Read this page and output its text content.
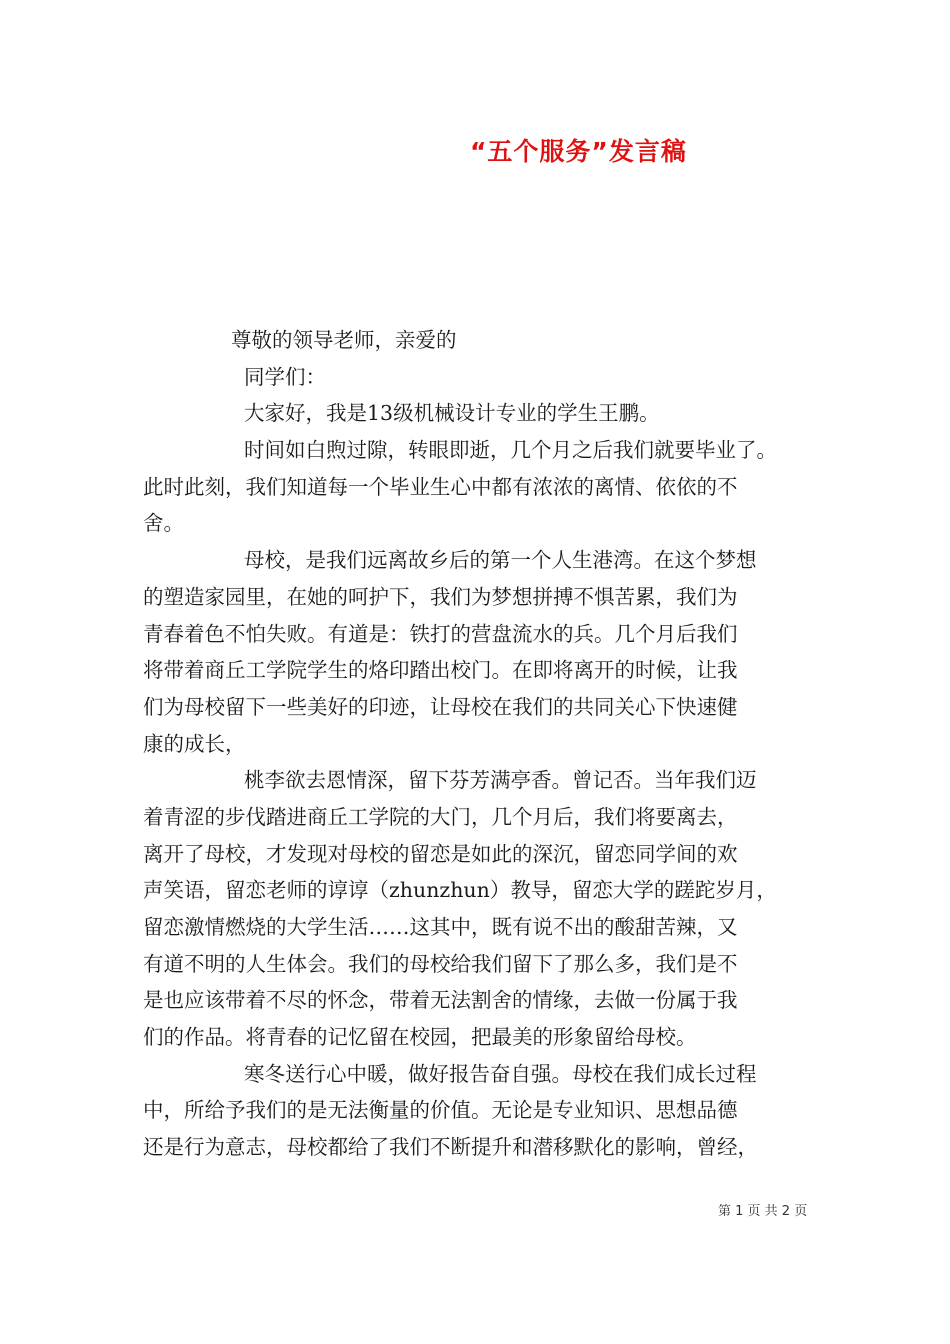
“五个服务”发言稿
尊敬的领导老师，亲爱的
同学们：
大家好，我是13级机械设计专业的学生王鹏。
时间如白煦过隙，转眼即逝，几个月之后我们就要毕业了。
此时此刻，我们知道每一个毕业生心中都有浓浓的离情、依依的不
舍。
母校，是我们远离故乡后的第一个人生港湾。在这个梦想
的塑造家园里，在她的呵护下，我们为梦想拼搏不惧苦累，我们为
青春着色不怕失败。有道是：铁打的营盘流水的兵。几个月后我们
将带着商丘工学院学生的烙印踏出校门。在即将离开的时候，让我
们为母校留下一些美好的印迹，让母校在我们的共同关心下快速健
康的成长，
桃李欲去恩情深，留下芬芳满亭香。曾记否。当年我们迈
着青涩的步伐踏进商丘工学院的大门，几个月后，我们将要离去，
离开了母校，才发现对母校的留恋是如此的深沉，留恋同学间的欢
声笑语，留恋老师的谆谆（zhunzhun）教导，留恋大学的蹉跎岁月，
留恋激情燃烧的大学生活……这其中，既有说不出的酸甜苦辣，又
有道不明的人生体会。我们的母校给我们留下了那么多，我们是不
是也应该带着不尽的怀念，带着无法割舍的情缘，去做一份属于我
们的作品。将青春的记忆留在校园，把最美的形象留给母校。
寒冬送行心中暖，做好报告奋自强。母校在我们成长过程
中，所给予我们的是无法衡量的价值。无论是专业知识、思想品德
还是行为意志，母校都给了我们不断提升和潜移默化的影响，曾经，
第 1 页 共 2 页
